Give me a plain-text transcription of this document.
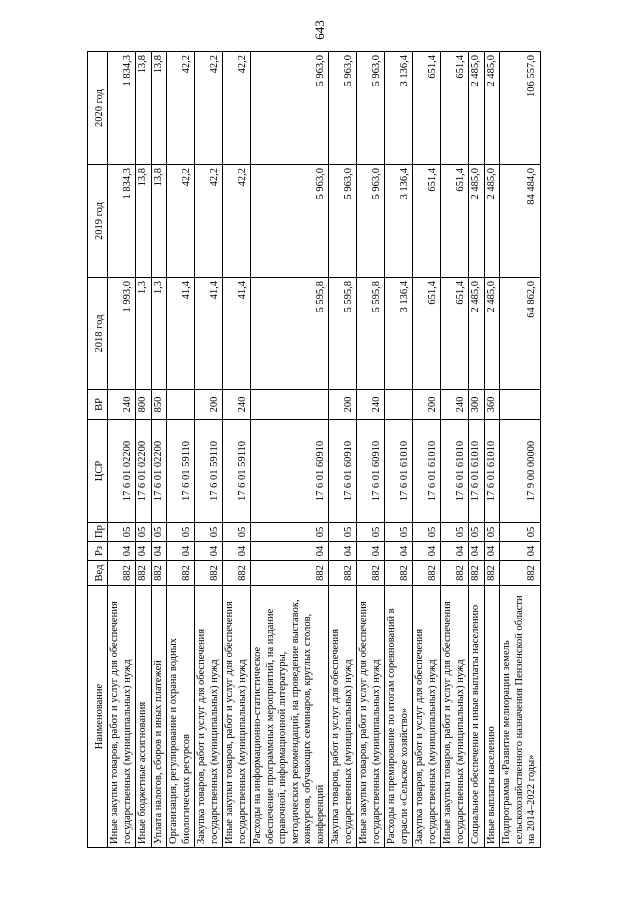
643
Наименование	Вед	Рз	Пр	ЦСР	ВР	2018 год	2019 год	2020 год
Иные закупки товаров, работ и услуг для обеспечения государственных (муниципальных) нужд	882	04	05	17 6 01 02200	240	1 993,0	1 834,3	1 834,3
Иные бюджетные ассигнования	882	04	05	17 6 01 02200	800	1,3	13,8	13,8
Уплата налогов, сборов и иных платежей	882	04	05	17 6 01 02200	850	1,3	13,8	13,8
Организация, регулирование и охрана водных биологических ресурсов	882	04	05	17 6 01 59110		41,4	42,2	42,2
Закупка товаров, работ и услуг для обеспечения государственных (муниципальных) нужд	882	04	05	17 6 01 59110	200	41,4	42,2	42,2
Иные закупки товаров, работ и услуг для обеспечения государственных (муниципальных) нужд	882	04	05	17 6 01 59110	240	41,4	42,2	42,2
Расходы на информационно-статистическое обеспечение программных мероприятий, на издание справочной, информационной литературы, методических рекомендаций, на проведение выставок, конкурсов, обучающих семинаров, круглых столов, конференций	882	04	05	17 6 01 60910		5 595,8	5 963,0	5 963,0
Закупка товаров, работ и услуг для обеспечения государственных (муниципальных) нужд	882	04	05	17 6 01 60910	200	5 595,8	5 963,0	5 963,0
Иные закупки товаров, работ и услуг для обеспечения государственных (муниципальных) нужд	882	04	05	17 6 01 60910	240	5 595,8	5 963,0	5 963,0
Расходы на премирование по итогам соревнований в отрасли «Сельское хозяйство»	882	04	05	17 6 01 61010		3 136,4	3 136,4	3 136,4
Закупка товаров, работ и услуг для обеспечения государственных (муниципальных) нужд	882	04	05	17 6 01 61010	200	651,4	651,4	651,4
Иные закупки товаров, работ и услуг для обеспечения государственных (муниципальных) нужд	882	04	05	17 6 01 61010	240	651,4	651,4	651,4
Социальное обеспечение и иные выплаты населению	882	04	05	17 6 01 61010	300	2 485,0	2 485,0	2 485,0
Иные выплаты населению	882	04	05	17 6 01 61010	360	2 485,0	2 485,0	2 485,0
Подпрограмма «Развитие мелиорации земель сельскохозяйственного назначения Пензенской области на 2014–2022 годы»	882	04	05	17 9 00 00000		64 862,0	84 484,0	106 557,0
